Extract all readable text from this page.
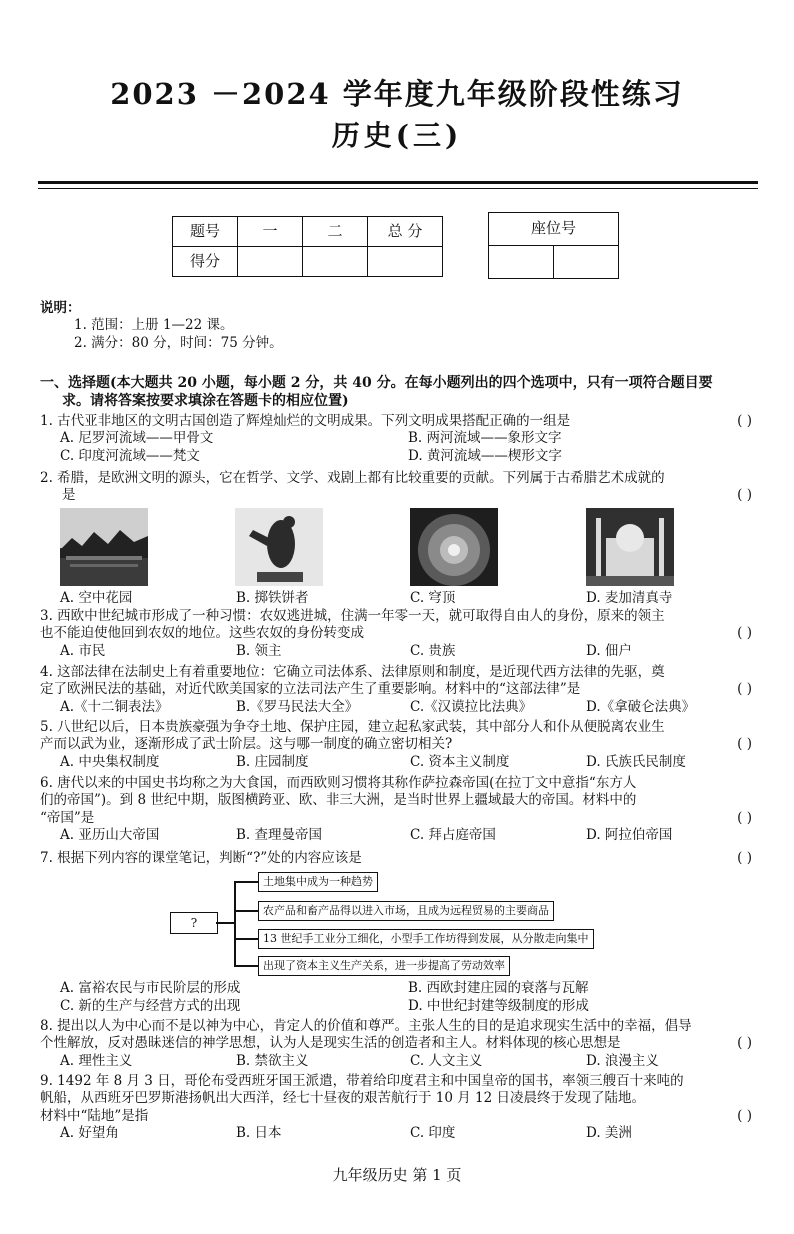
2023 －2024 学年度九年级阶段性练习
历史(三)
题号	一	二	总 分
得分			
座位号

说明：
1. 范围：上册 1—22 课。
2. 满分：80 分，时间：75 分钟。
一、选择题(本大题共 20 小题，每小题 2 分，共 40 分。在每小题列出的四个选项中，只有一项符合题目要
求。请将答案按要求填涂在答题卡的相应位置)
1. 古代亚非地区的文明古国创造了辉煌灿烂的文明成果。下列文明成果搭配正确的一组是	( )
A. 尼罗河流域——甲骨文	B. 两河流域——象形文字
C. 印度河流域——梵文	D. 黄河流域——楔形文字
2. 希腊，是欧洲文明的源头，它在哲学、文学、戏剧上都有比较重要的贡献。下列属于古希腊艺术成就的
是	( )
A. 空中花园	B. 掷铁饼者	C. 穹顶	D. 麦加清真寺
3. 西欧中世纪城市形成了一种习惯：农奴逃进城，住满一年零一天，就可取得自由人的身份，原来的领主
也不能迫使他回到农奴的地位。这些农奴的身份转变成	( )
A. 市民	B. 领主	C. 贵族	D. 佃户
4. 这部法律在法制史上有着重要地位：它确立司法体系、法律原则和制度，是近现代西方法律的先驱，奠
定了欧洲民法的基础，对近代欧美国家的立法司法产生了重要影响。材料中的“这部法律”是	( )
A.《十二铜表法》	B.《罗马民法大全》	C.《汉谟拉比法典》	D.《拿破仑法典》
5. 八世纪以后，日本贵族豪强为争夺土地、保护庄园，建立起私家武装，其中部分人和仆从便脱离农业生
产而以武为业，逐渐形成了武士阶层。这与哪一制度的确立密切相关?	( )
A. 中央集权制度	B. 庄园制度	C. 资本主义制度	D. 氏族氏民制度
6. 唐代以来的中国史书均称之为大食国，而西欧则习惯将其称作萨拉森帝国(在拉丁文中意指“东方人
们的帝国”)。到 8 世纪中期，版图横跨亚、欧、非三大洲，是当时世界上疆域最大的帝国。材料中的
“帝国”是	( )
A. 亚历山大帝国	B. 查理曼帝国	C. 拜占庭帝国	D. 阿拉伯帝国
7. 根据下列内容的课堂笔记，判断“?”处的内容应该是	( )
?
土地集中成为一种趋势
农产品和畜产品得以进入市场，且成为远程贸易的主要商品
13 世纪手工业分工细化，小型手工作坊得到发展，从分散走向集中
出现了资本主义生产关系，进一步提高了劳动效率
A. 富裕农民与市民阶层的形成	B. 西欧封建庄园的衰落与瓦解
C. 新的生产与经营方式的出现	D. 中世纪封建等级制度的形成
8. 提出以人为中心而不是以神为中心，肯定人的价值和尊严。主张人生的目的是追求现实生活中的幸福，倡导
个性解放，反对愚昧迷信的神学思想，认为人是现实生活的创造者和主人。材料体现的核心思想是	( )
A. 理性主义	B. 禁欲主义	C. 人文主义	D. 浪漫主义
9. 1492 年 8 月 3 日，哥伦布受西班牙国王派遣，带着给印度君主和中国皇帝的国书，率领三艘百十来吨的
帆船，从西班牙巴罗斯港扬帆出大西洋，经七十昼夜的艰苦航行于 10 月 12 日凌晨终于发现了陆地。
材料中“陆地”是指	( )
A. 好望角	B. 日本	C. 印度	D. 美洲
九年级历史 第 1 页
